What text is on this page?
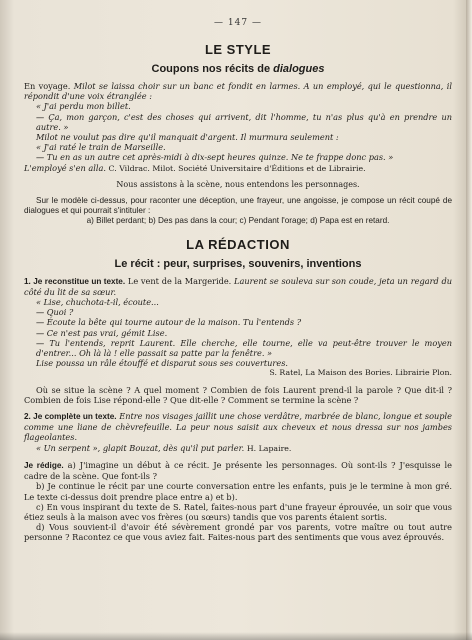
— 147 —
LE STYLE
Coupons nos récits de dialogues

En voyage. Milot se laissa choir sur un banc et fondit en larmes. A un employé, qui le questionna, il répondit d'une voix étranglée :

« J'ai perdu mon billet.

— Ça, mon garçon, c'est des choses qui arrivent, dit l'homme, tu n'as plus qu'à en prendre un autre. »

Milot ne voulut pas dire qu'il manquait d'argent. Il murmura seulement :

« J'ai raté le train de Marseille.

— Tu en as un autre cet après-midi à dix-sept heures quinze. Ne te frappe donc pas. »

L'employé s'en alla. C. Vildrac. Milot. Société Universitaire d'Éditions et de Librairie.

Nous assistons à la scène, nous entendons les personnages.

Sur le modèle ci-dessus, pour raconter une déception, une frayeur, une angoisse, je compose un récit coupé de dialogues et qui pourrait s'intituler :

a) Billet perdant; b) Des pas dans la cour; c) Pendant l'orage; d) Papa est en retard.

LA RÉDACTION
Le récit : peur, surprises, souvenirs, inventions

1. Je reconstitue un texte. Le vent de la Margeride. Laurent se souleva sur son coude, jeta un regard du côté du lit de sa sœur.

« Lise, chuchota-t-il, écoute...

— Quoi ?

— Écoute la bête qui tourne autour de la maison. Tu l'entends ?

— Ce n'est pas vrai, gémit Lise.

— Tu l'entends, reprit Laurent. Elle cherche, elle tourne, elle va peut-être trouver le moyen d'entrer... Oh là là ! elle passait sa patte par la fenêtre. »

Lise poussa un râle étouffé et disparut sous ses couvertures.

S. Ratel, La Maison des Bories. Librairie Plon.

Où se situe la scène ? A quel moment ? Combien de fois Laurent prend-il la parole ? Que dit-il ? Combien de fois Lise répond-elle ? Que dit-elle ? Comment se termine la scène ?

2. Je complète un texte. Entre nos visages jaillit une chose verdâtre, marbrée de blanc, longue et souple comme une liane de chèvrefeuille. La peur nous saisit aux cheveux et nous dressa sur nos jambes flageolantes.

« Un serpent », glapit Bouzat, dès qu'il put parler. H. Lapaire.

Je rédige. a) J'imagine un début à ce récit. Je présente les personnages. Où sont-ils ? J'esquisse le cadre de la scène. Que font-ils ?

b) Je continue le récit par une courte conversation entre les enfants, puis je le termine à mon gré. Le texte ci-dessus doit prendre place entre a) et b).

c) En vous inspirant du texte de S. Ratel, faites-nous part d'une frayeur éprouvée, un soir que vous étiez seuls à la maison avec vos frères (ou sœurs) tandis que vos parents étaient sortis.

d) Vous souvient-il d'avoir été sévèrement grondé par vos parents, votre maître ou tout autre personne ? Racontez ce que vous aviez fait. Faites-nous part des sentiments que vous avez éprouvés.
